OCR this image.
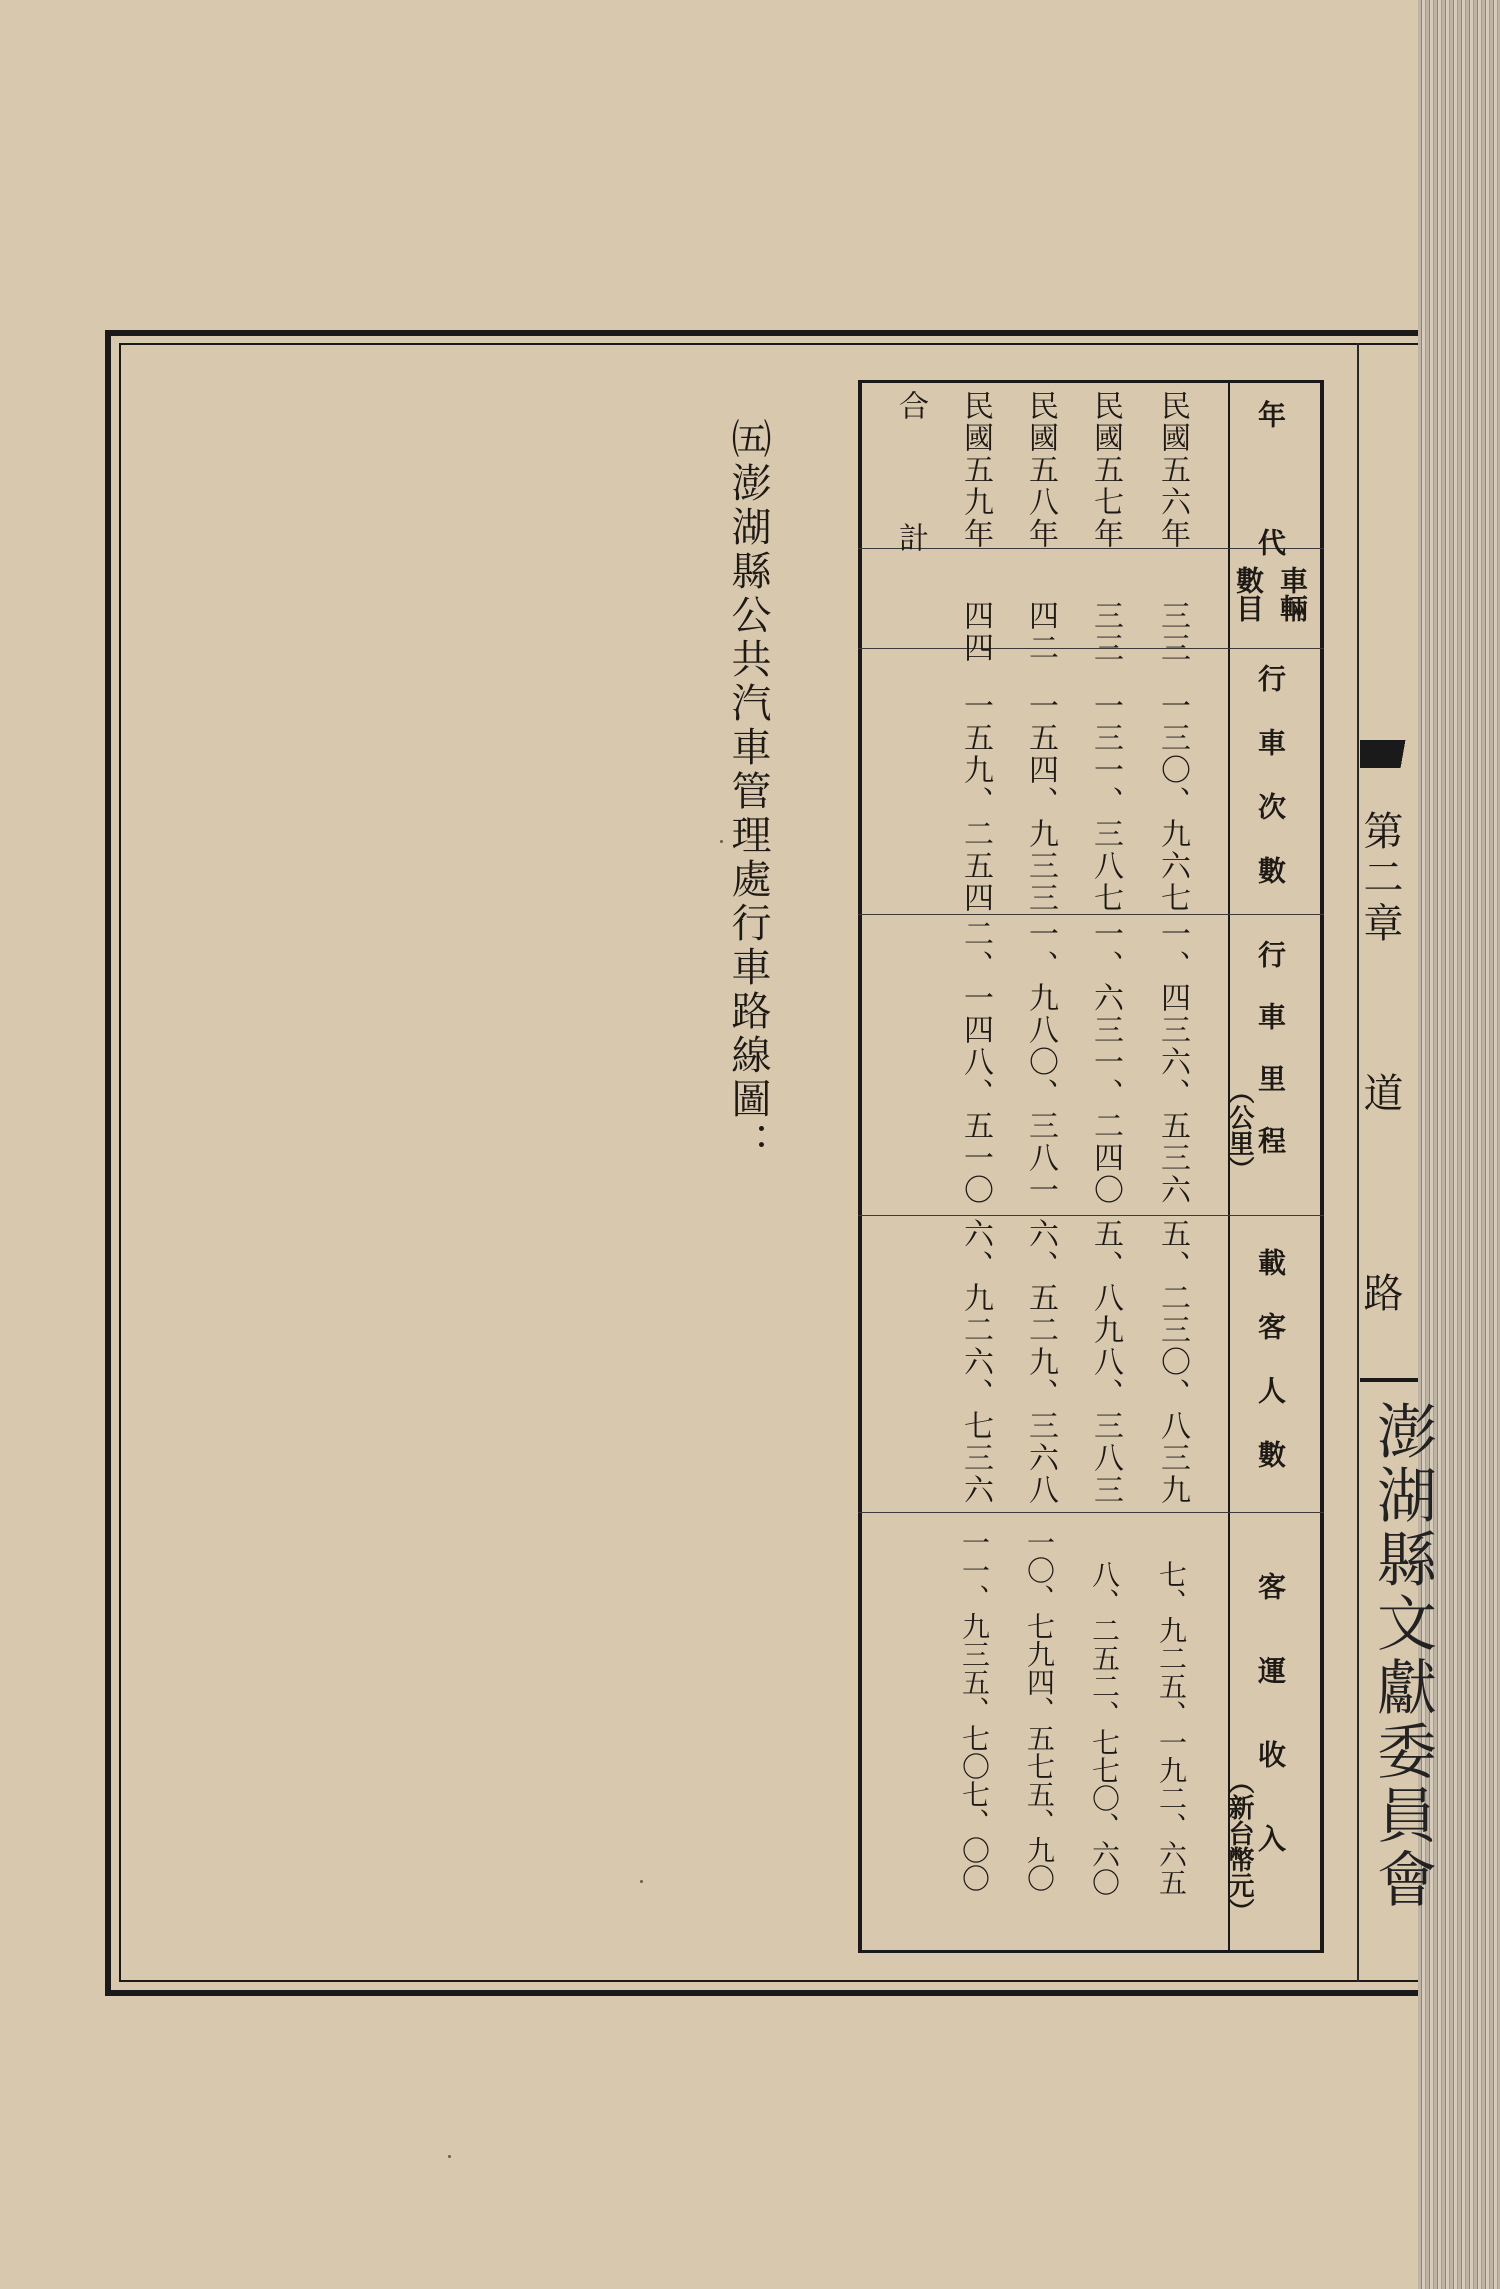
第二章  道  路
澎湖縣文獻委員會
年　代
車輛
數目
行車次數
行車里程
（公里）
載客人數
客運收入
（新台幣元）
民國五六年
三三
一三〇、九六七
一、四三六、五三六
五、二三〇、八三九
七、九二五、一九二、六五
民國五七年
三三
一三一、三八七
一、六三一、二四〇
五、八九八、三八三
八、二五二、七七〇、六〇
民國五八年
四二
一五四、九三三
一、九八〇、三八一
六、五二九、三六八
一〇、七九四、五七五、九〇
民國五九年
四四
一五九、二五四
二、一四八、五一〇
六、九二六、七三六
一一、九三五、七〇七、〇〇
合　　計
㈤澎湖縣公共汽車管理處行車路線圖：
